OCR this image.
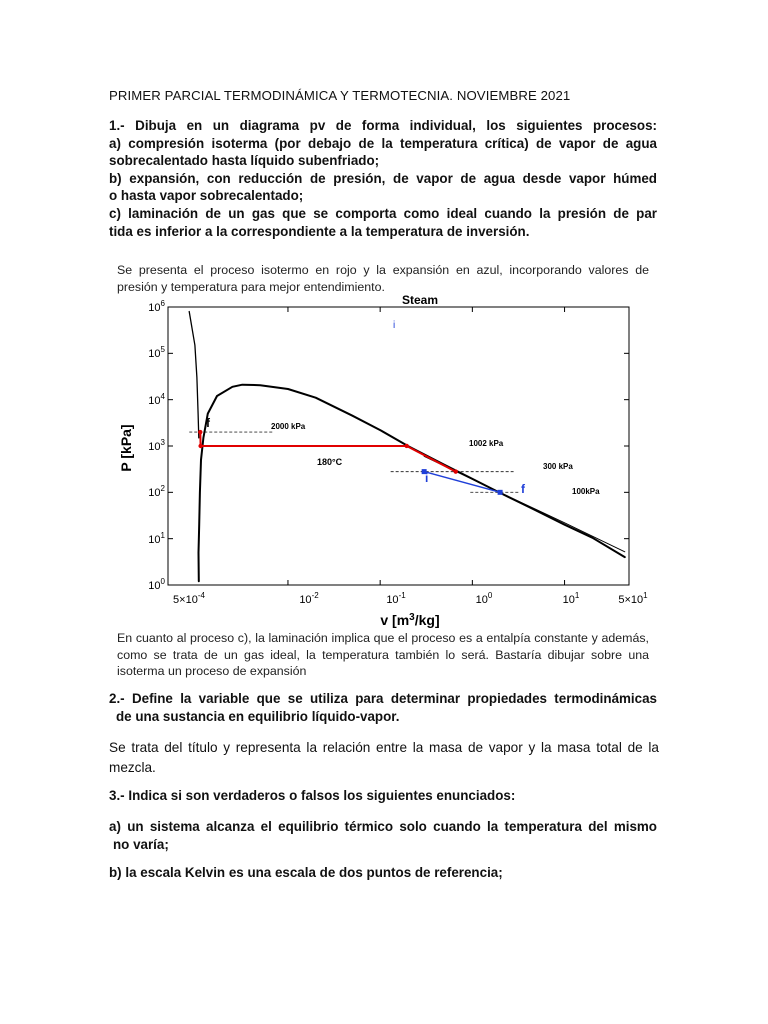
PRIMER PARCIAL TERMODINÁMICA Y TERMOTECNIA. NOVIEMBRE 2021

1.- Dibuja en un diagrama pv de forma individual, los siguientes procesos:
a) compresión isoterma (por debajo de la temperatura crítica) de vapor de agua
sobrecalentado hasta líquido subenfriado;
b) expansión, con reducción de presión, de vapor de agua desde vapor húmed
o hasta vapor sobrecalentado;
c) laminación de un gas que se comporta como ideal cuando la presión de par
tida es inferior a la correspondiente a la temperatura de inversión.
Se presenta el proceso isotermo en rojo y la expansión en azul, incorporando valores de
presión y temperatura para mejor entendimiento.
Steam
$10^0$
$10^1$
$10^2$
$10^3$
$10^4$
$10^5$
$10^6$
$5\times 10^{-4}$	$10^{-2}$	$10^{-1}$	$10^0$	$10^1$	$5\times 10^1$
v $[m^3/kg]$
P [kPa]	2000 kPa
1002 kPa
300 kPa
100kPa
180°C
f
i
f
i
En cuanto al proceso c), la laminación implica que el proceso es a entalpía constante y además,
como se trata de un gas ideal, la temperatura también lo será. Bastaría dibujar sobre una
isoterma un proceso de expansión
2.- Define la variable que se utiliza para determinar propiedades termodinámicas
de una sustancia en equilibrio líquido-vapor.
Se trata del título y representa la relación entre la masa de vapor y la masa total de la
mezcla.
3.- Indica si son verdaderos o falsos los siguientes enunciados:
a) un sistema alcanza el equilibrio térmico solo cuando la temperatura del mismo
no varía;
b) la escala Kelvin es una escala de dos puntos de referencia;
